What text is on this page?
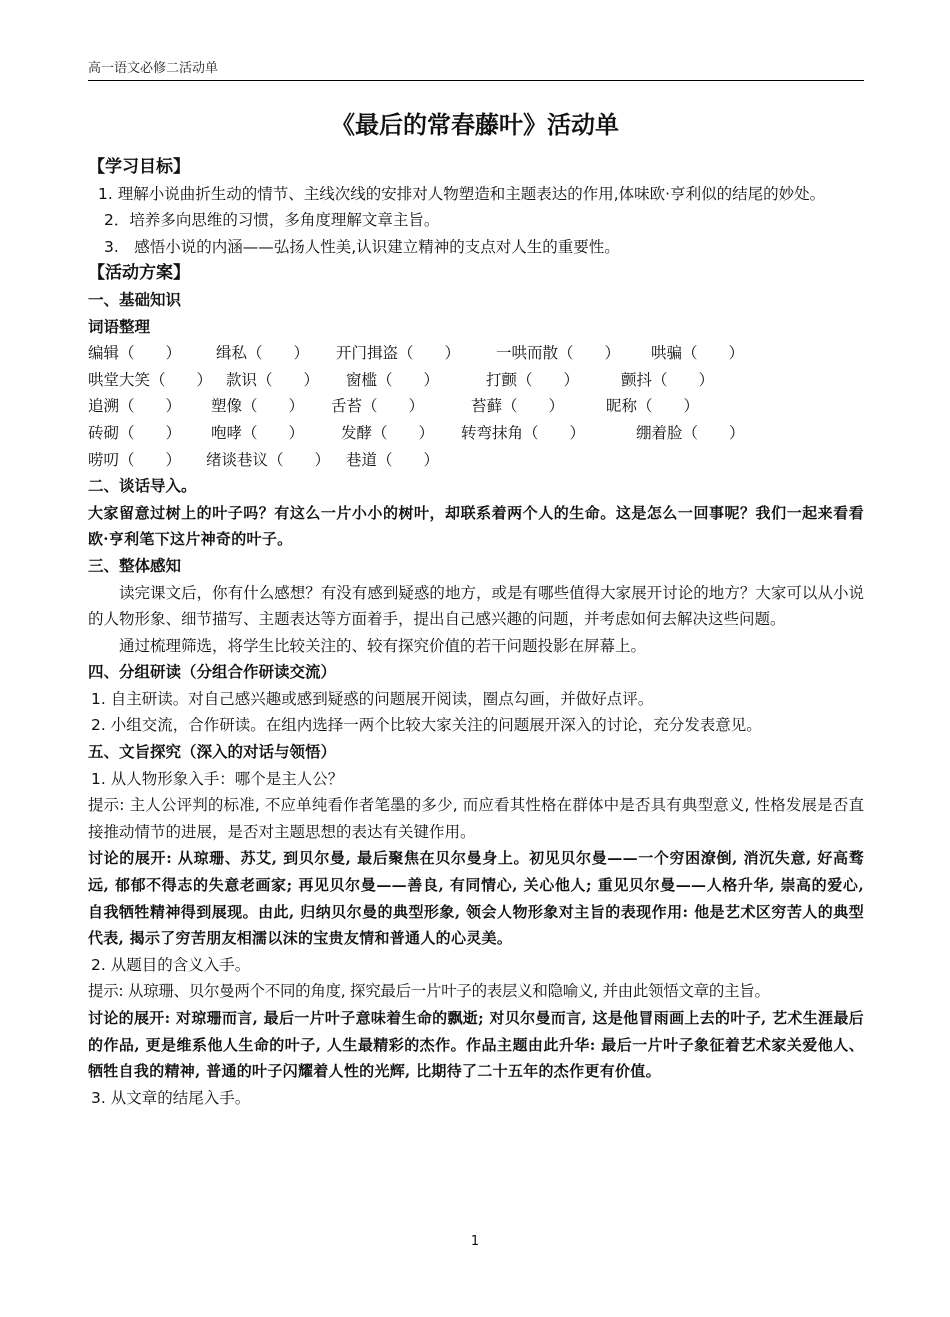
高一语文必修二活动单
《最后的常春藤叶》活动单
【学习目标】
1. 理解小说曲折生动的情节、主线次线的安排对人物塑造和主题表达的作用,体味欧·亨利似的结尾的妙处。
2．培养多向思维的习惯，多角度理解文章主旨。
3.　感悟小说的内涵——弘扬人性美,认识建立精神的支点对人生的重要性。
【活动方案】
一、基础知识
词语整理
编辑（　　） 缉私（　　） 开门揖盗（　　） 一哄而散（　　） 哄骗（　　）
哄堂大笑（　　） 款识（　　） 窗槛（　　）	打颤（　　）	颤抖（　　）
追溯（　　） 塑像（　　） 舌苔（　　）	苔藓（　　）	昵称（　　）
砖砌（　　） 咆哮（　　） 发酵（　　） 转弯抹角（　　）	绷着脸（　　）
唠叨（　　） 绪谈巷议（　　） 巷道（　　）
二、谈话导入。
大家留意过树上的叶子吗？有这么一片小小的树叶，却联系着两个人的生命。这是怎么一回事呢？我们一起来看看欧·亨利笔下这片神奇的叶子。
三、整体感知
读完课文后，你有什么感想？有没有感到疑惑的地方，或是有哪些值得大家展开讨论的地方？大家可以从小说的人物形象、细节描写、主题表达等方面着手，提出自己感兴趣的问题，并考虑如何去解决这些问题。
通过梳理筛选，将学生比较关注的、较有探究价值的若干问题投影在屏幕上。
四、分组研读（分组合作研读交流）
1. 自主研读。对自己感兴趣或感到疑惑的问题展开阅读，圈点勾画，并做好点评。
2. 小组交流，合作研读。在组内选择一两个比较大家关注的问题展开深入的讨论，充分发表意见。
五、文旨探究（深入的对话与领悟）
1. 从人物形象入手：哪个是主人公？
提示: 主人公评判的标准, 不应单纯看作者笔墨的多少, 而应看其性格在群体中是否具有典型意义, 性格发展是否直接推动情节的进展，是否对主题思想的表达有关键作用。
讨论的展开: 从琼珊、苏艾, 到贝尔曼, 最后聚焦在贝尔曼身上。初见贝尔曼——一个穷困潦倒, 消沉失意, 好高骛远, 郁郁不得志的失意老画家; 再见贝尔曼——善良, 有同情心, 关心他人; 重见贝尔曼——人格升华, 崇高的爱心, 自我牺牲精神得到展现。由此, 归纳贝尔曼的典型形象, 领会人物形象对主旨的表现作用: 他是艺术区穷苦人的典型代表, 揭示了穷苦朋友相濡以沫的宝贵友情和普通人的心灵美。
2. 从题目的含义入手。
提示: 从琼珊、贝尔曼两个不同的角度, 探究最后一片叶子的表层义和隐喻义, 并由此领悟文章的主旨。
讨论的展开: 对琼珊而言, 最后一片叶子意味着生命的飘逝; 对贝尔曼而言, 这是他冒雨画上去的叶子, 艺术生涯最后的作品, 更是维系他人生命的叶子, 人生最精彩的杰作。作品主题由此升华: 最后一片叶子象征着艺术家关爱他人、牺牲自我的精神, 普通的叶子闪耀着人性的光辉, 比期待了二十五年的杰作更有价值。
3. 从文章的结尾入手。
1
